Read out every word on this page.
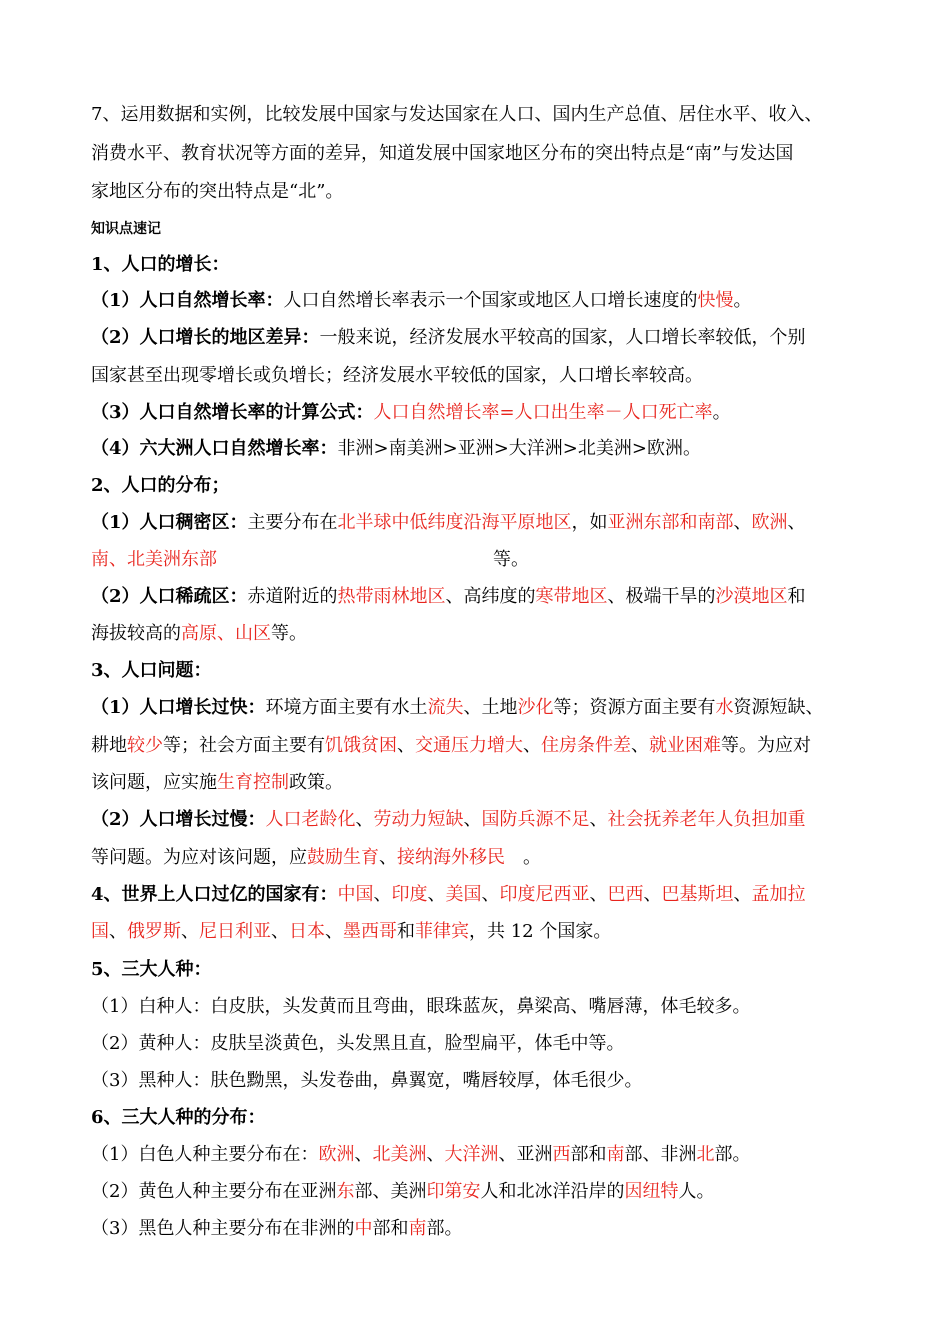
7、运用数据和实例，比较发展中国家与发达国家在人口、国内生产总值、居住水平、收入、
消费水平、教育状况等方面的差异，知道发展中国家地区分布的突出特点是“南”与发达国
家地区分布的突出特点是“北”。
知识点速记
1、人口的增长：
（1）人口自然增长率：人口自然增长率表示一个国家或地区人口增长速度的快慢。
（2）人口增长的地区差异：一般来说，经济发展水平较高的国家，人口增长率较低，个别
国家甚至出现零增长或负增长；经济发展水平较低的国家，人口增长率较高。
（3）人口自然增长率的计算公式：人口自然增长率=人口出生率－人口死亡率。
（4）六大洲人口自然增长率：非洲>南美洲>亚洲>大洋洲>北美洲>欧洲。
2、人口的分布；
（1）人口稠密区：主要分布在北半球中低纬度沿海平原地区，如亚洲东部和南部、欧洲、
南、北美洲东部	等。
（2）人口稀疏区：赤道附近的热带雨林地区、高纬度的寒带地区、极端干旱的沙漠地区和
海拔较高的高原、山区等。
3、人口问题：
（1）人口增长过快：环境方面主要有水土流失、土地沙化等；资源方面主要有水资源短缺、
耕地较少等；社会方面主要有饥饿贫困、交通压力增大、住房条件差、就业困难等。为应对
该问题，应实施生育控制政策。
（2）人口增长过慢：人口老龄化、劳动力短缺、国防兵源不足、社会抚养老年人负担加重
等问题。为应对该问题，应鼓励生育、接纳海外移民 。
4、世界上人口过亿的国家有：中国、印度、美国、印度尼西亚、巴西、巴基斯坦、孟加拉
国、俄罗斯、尼日利亚、日本、墨西哥和菲律宾，共 12 个国家。
5、三大人种：
（1）白种人：白皮肤，头发黄而且弯曲，眼珠蓝灰，鼻梁高、嘴唇薄，体毛较多。
（2）黄种人：皮肤呈淡黄色，头发黑且直，脸型扁平，体毛中等。
（3）黑种人：肤色黝黑，头发卷曲，鼻翼宽，嘴唇较厚，体毛很少。
6、三大人种的分布：
（1）白色人种主要分布在：欧洲、北美洲、大洋洲、亚洲西部和南部、非洲北部。
（2）黄色人种主要分布在亚洲东部、美洲印第安人和北冰洋沿岸的因纽特人。
（3）黑色人种主要分布在非洲的中部和南部。
